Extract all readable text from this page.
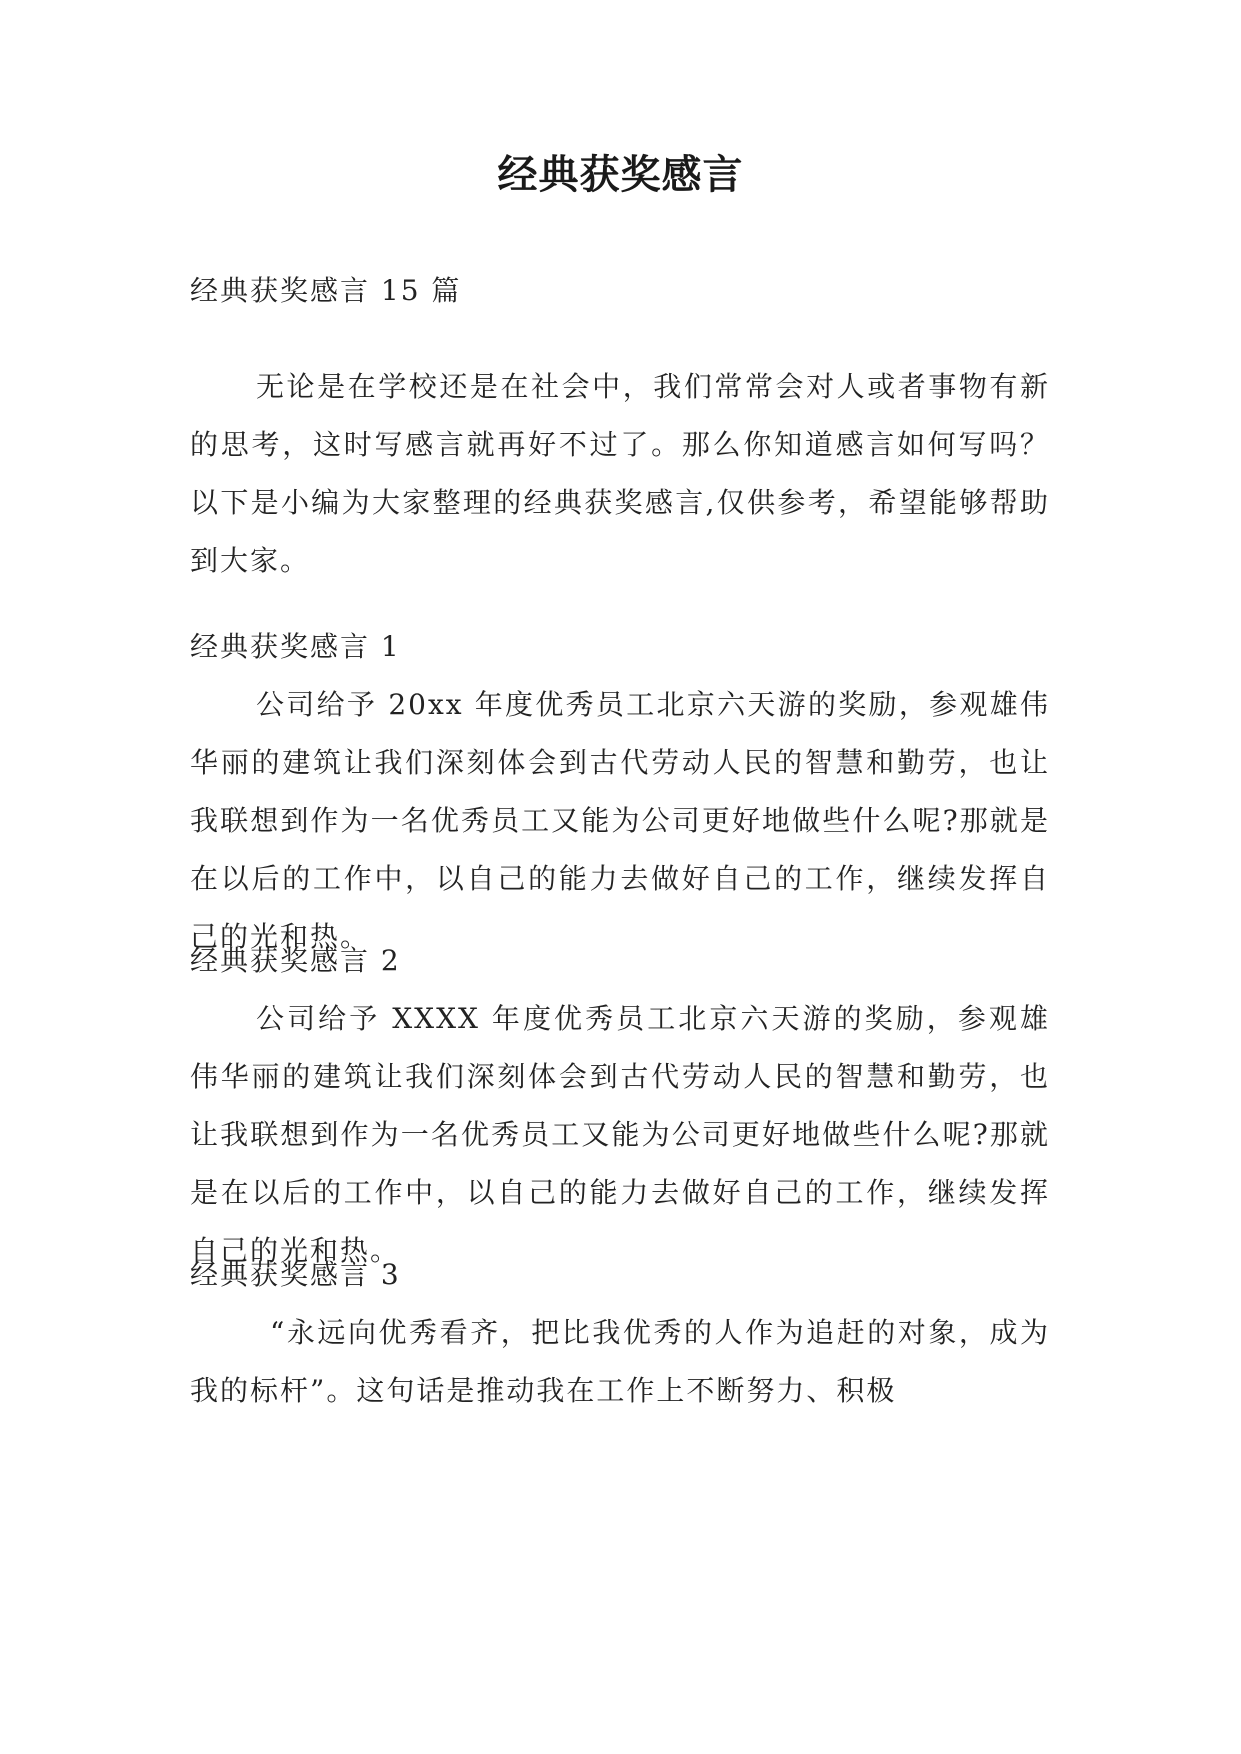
经典获奖感言
经典获奖感言 15 篇
无论是在学校还是在社会中，我们常常会对人或者事物有新的思考，这时写感言就再好不过了。那么你知道感言如何写吗？以下是小编为大家整理的经典获奖感言,仅供参考，希望能够帮助到大家。
经典获奖感言 1
公司给予 20xx 年度优秀员工北京六天游的奖励，参观雄伟华丽的建筑让我们深刻体会到古代劳动人民的智慧和勤劳，也让我联想到作为一名优秀员工又能为公司更好地做些什么呢?那就是在以后的工作中，以自己的能力去做好自己的工作，继续发挥自己的光和热。
经典获奖感言 2
公司给予 XXXX 年度优秀员工北京六天游的奖励，参观雄伟华丽的建筑让我们深刻体会到古代劳动人民的智慧和勤劳，也让我联想到作为一名优秀员工又能为公司更好地做些什么呢?那就是在以后的工作中，以自己的能力去做好自己的工作，继续发挥自己的光和热。
经典获奖感言 3
“永远向优秀看齐，把比我优秀的人作为追赶的对象，成为我的标杆”。这句话是推动我在工作上不断努力、积极
